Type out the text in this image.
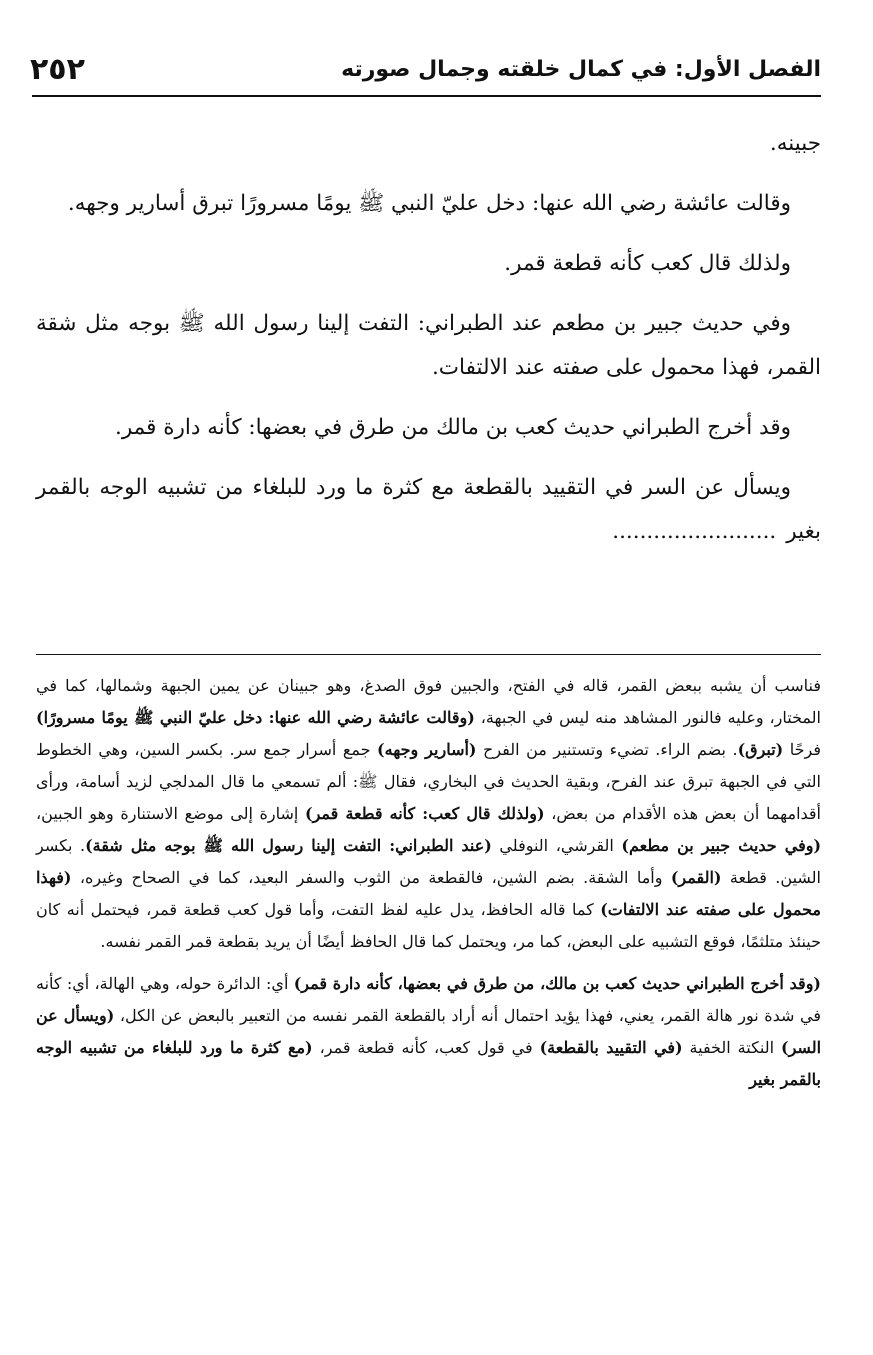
الفصل الأول: في كمال خلقته وجمال صورته
٢٥٢

جبينه.

وقالت عائشة رضي الله عنها: دخل عليّ النبي ﷺ يومًا مسرورًا تبرق أسارير وجهه.

ولذلك قال كعب كأنه قطعة قمر.

وفي حديث جبير بن مطعم عند الطبراني: التفت إلينا رسول الله ﷺ بوجه مثل شقة القمر، فهذا محمول على صفته عند الالتفات.

وقد أخرج الطبراني حديث كعب بن مالك من طرق في بعضها: كأنه دارة قمر.

ويسأل عن السر في التقييد بالقطعة مع كثرة ما ورد للبلغاء من تشبيه الوجه بالقمر بغير........................

فناسب أن يشبه ببعض القمر، قاله في الفتح، والجبين فوق الصدغ، وهو جبينان عن يمين الجبهة وشمالها، كما في المختار، وعليه فالنور المشاهد منه ليس في الجبهة، (وقالت عائشة رضي الله عنها: دخل عليّ النبي ﷺ يومًا مسرورًا) فرحًا (تبرق). بضم الراء. تضيء وتستنير من الفرح (أسارير وجهه) جمع أسرار جمع سر. بكسر السين، وهي الخطوط التي في الجبهة تبرق عند الفرح، وبقية الحديث في البخاري، فقال ﷺ: ألم تسمعي ما قال المدلجي لزيد أسامة، ورأى أقدامهما أن بعض هذه الأقدام من بعض، (ولذلك قال كعب: كأنه قطعة قمر) إشارة إلى موضع الاستنارة وهو الجبين، (وفي حديث جبير بن مطعم) القرشي، النوفلي (عند الطبراني: التفت إلينا رسول الله ﷺ بوجه مثل شقة). بكسر الشين. قطعة (القمر) وأما الشقة. بضم الشين، فالقطعة من الثوب والسفر البعيد، كما في الصحاح وغيره، (فهذا محمول على صفته عند الالتفات) كما قاله الحافظ، يدل عليه لفظ التفت، وأما قول كعب قطعة قمر، فيحتمل أنه كان حينئذ متلثمًا، فوقع التشبيه على البعض، كما مر، ويحتمل كما قال الحافظ أيضًا أن يريد بقطعة قمر القمر نفسه.

(وقد أخرج الطبراني حديث كعب بن مالك، من طرق في بعضها، كأنه دارة قمر) أي: الدائرة حوله، وهي الهالة، أي: كأنه في شدة نور هالة القمر، يعني، فهذا يؤيد احتمال أنه أراد بالقطعة القمر نفسه من التعبير بالبعض عن الكل، (ويسأل عن السر) النكتة الخفية (في التقييد بالقطعة) في قول كعب، كأنه قطعة قمر، (مع كثرة ما ورد للبلغاء من تشبيه الوجه بالقمر بغير
